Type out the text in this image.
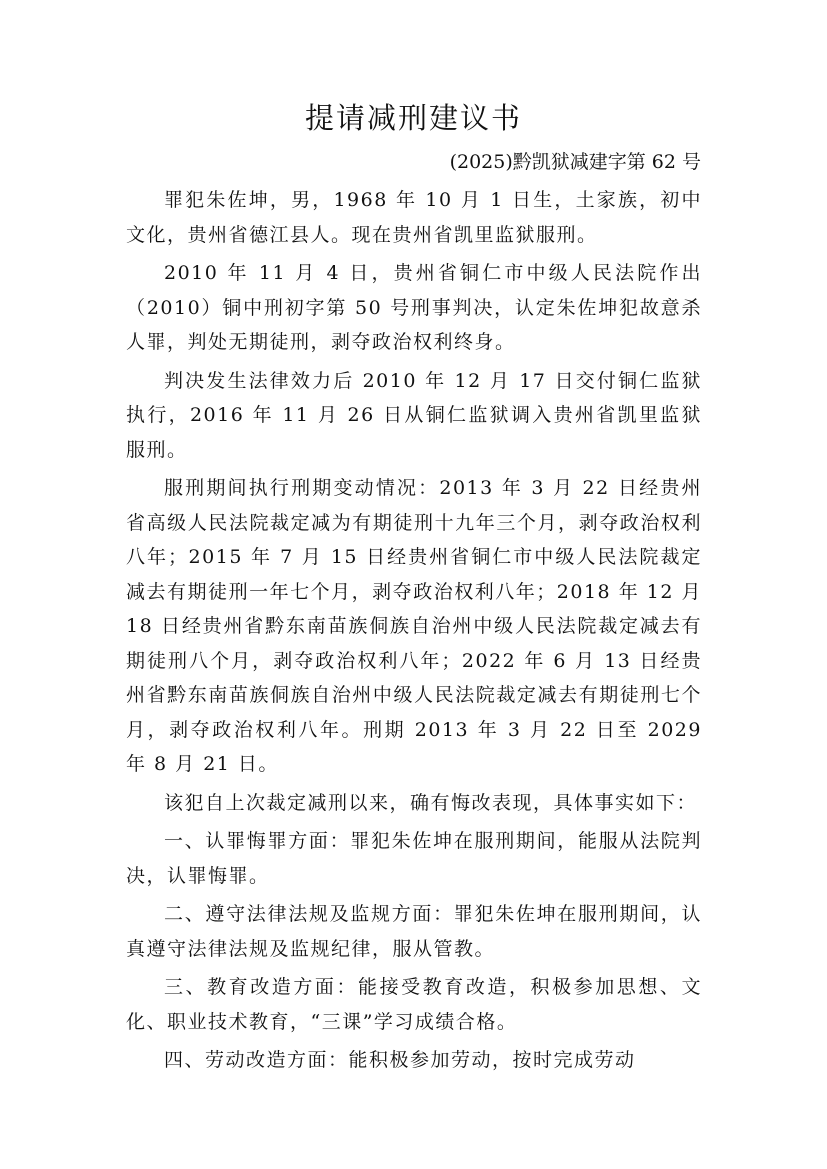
提请减刑建议书

(2025)黔凯狱减建字第 62 号

罪犯朱佐坤，男，1968 年 10 月 1 日生，土家族，初中文化，贵州省德江县人。现在贵州省凯里监狱服刑。

2010 年 11 月 4 日，贵州省铜仁市中级人民法院作出（2010）铜中刑初字第 50 号刑事判决，认定朱佐坤犯故意杀人罪，判处无期徒刑，剥夺政治权利终身。

判决发生法律效力后 2010 年 12 月 17 日交付铜仁监狱执行，2016 年 11 月 26 日从铜仁监狱调入贵州省凯里监狱服刑。

服刑期间执行刑期变动情况：2013 年 3 月 22 日经贵州省高级人民法院裁定减为有期徒刑十九年三个月，剥夺政治权利八年；2015 年 7 月 15 日经贵州省铜仁市中级人民法院裁定减去有期徒刑一年七个月，剥夺政治权利八年；2018 年 12 月 18 日经贵州省黔东南苗族侗族自治州中级人民法院裁定减去有期徒刑八个月，剥夺政治权利八年；2022 年 6 月 13 日经贵州省黔东南苗族侗族自治州中级人民法院裁定减去有期徒刑七个月，剥夺政治权利八年。刑期 2013 年 3 月 22 日至 2029 年 8 月 21 日。

该犯自上次裁定减刑以来，确有悔改表现，具体事实如下：

一、认罪悔罪方面：罪犯朱佐坤在服刑期间，能服从法院判决，认罪悔罪。

二、遵守法律法规及监规方面：罪犯朱佐坤在服刑期间，认真遵守法律法规及监规纪律，服从管教。

三、教育改造方面：能接受教育改造，积极参加思想、文化、职业技术教育，“三课”学习成绩合格。

四、劳动改造方面：能积极参加劳动，按时完成劳动
